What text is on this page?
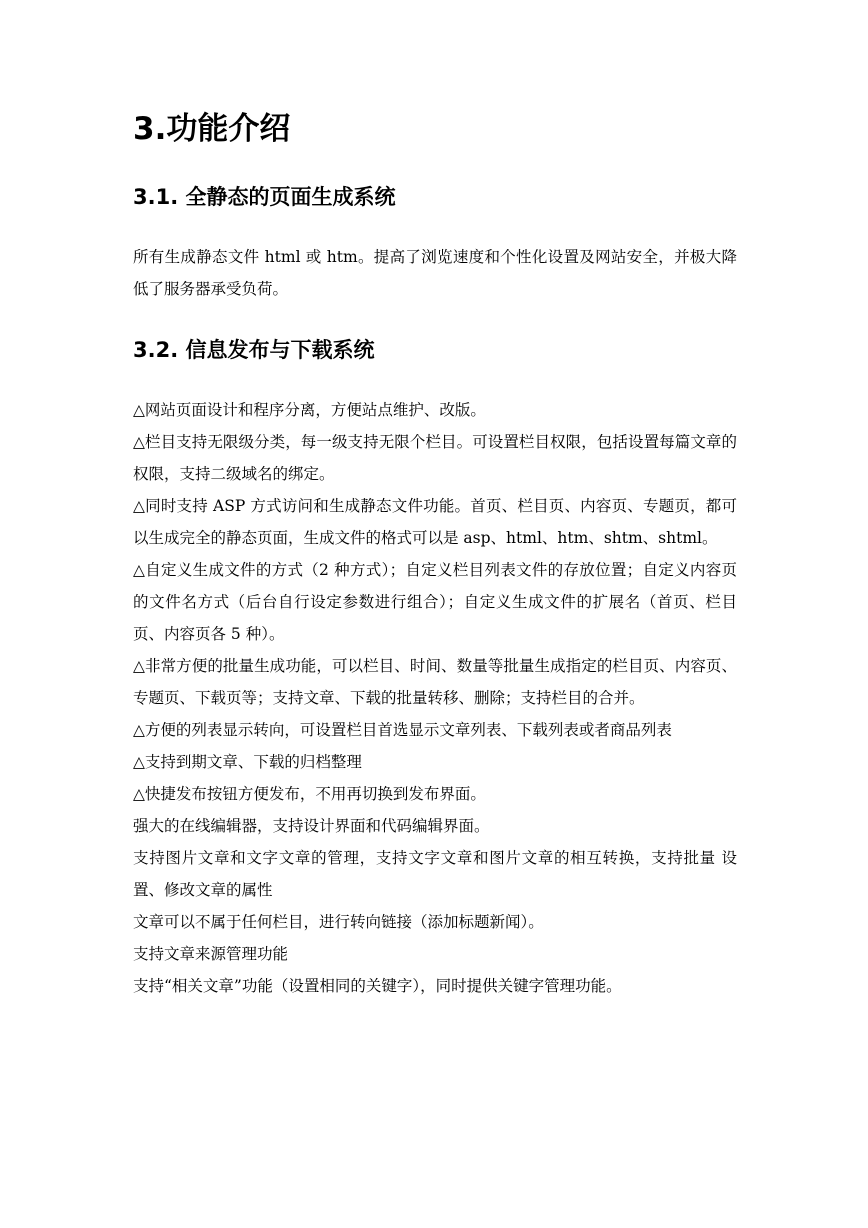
3.功能介绍
3.1. 全静态的页面生成系统

所有生成静态文件 html 或 htm。提高了浏览速度和个性化设置及网站安全，并极大降低了服务器承受负荷。

3.2. 信息发布与下载系统

△网站页面设计和程序分离，方便站点维护、改版。

△栏目支持无限级分类，每一级支持无限个栏目。可设置栏目权限，包括设置每篇文章的权限，支持二级域名的绑定。

△同时支持 ASP 方式访问和生成静态文件功能。首页、栏目页、内容页、专题页，都可以生成完全的静态页面，生成文件的格式可以是 asp、html、htm、shtm、shtml。

△自定义生成文件的方式（2 种方式）；自定义栏目列表文件的存放位置；自定义内容页的文件名方式（后台自行设定参数进行组合）；自定义生成文件的扩展名（首页、栏目页、内容页各 5 种）。

△非常方便的批量生成功能，可以栏目、时间、数量等批量生成指定的栏目页、内容页、专题页、下载页等；支持文章、下载的批量转移、删除；支持栏目的合并。

△方便的列表显示转向，可设置栏目首选显示文章列表、下载列表或者商品列表

△支持到期文章、下载的归档整理

△快捷发布按钮方便发布，不用再切换到发布界面。

强大的在线编辑器，支持设计界面和代码编辑界面。

支持图片文章和文字文章的管理，支持文字文章和图片文章的相互转换，支持批量 设置、修改文章的属性

文章可以不属于任何栏目，进行转向链接（添加标题新闻）。

支持文章来源管理功能

支持“相关文章”功能（设置相同的关键字），同时提供关键字管理功能。
